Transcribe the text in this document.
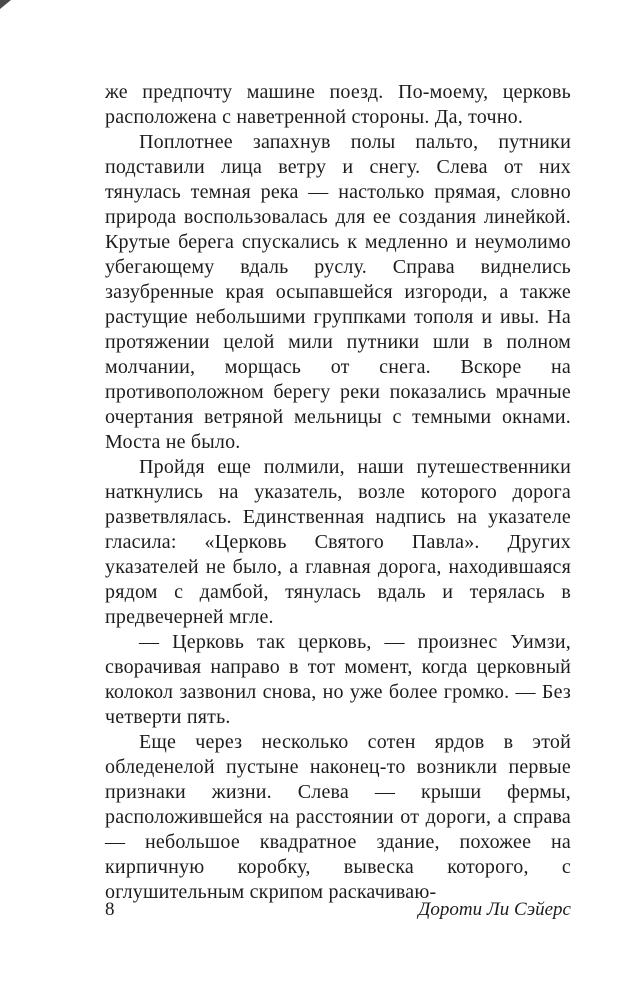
же предпочту машине поезд. По-моему, церковь расположена с наветренной стороны. Да, точно.

Поплотнее запахнув полы пальто, путники подставили лица ветру и снегу. Слева от них тянулась темная река — настолько прямая, словно природа воспользовалась для ее создания линейкой. Крутые берега спускались к медленно и неумолимо убегающему вдаль руслу. Справа виднелись зазубренные края осыпавшейся изгороди, а также растущие небольшими группками тополя и ивы. На протяжении целой мили путники шли в полном молчании, морщась от снега. Вскоре на противоположном берегу реки показались мрачные очертания ветряной мельницы с темными окнами. Моста не было.

Пройдя еще полмили, наши путешественники наткнулись на указатель, возле которого дорога разветвлялась. Единственная надпись на указателе гласила: «Церковь Святого Павла». Других указателей не было, а главная дорога, находившаяся рядом с дамбой, тянулась вдаль и терялась в предвечерней мгле.

— Церковь так церковь, — произнес Уимзи, сворачивая направо в тот момент, когда церковный колокол зазвонил снова, но уже более громко. — Без четверти пять.

Еще через несколько сотен ярдов в этой обледенелой пустыне наконец-то возникли первые признаки жизни. Слева — крыши фермы, расположившейся на расстоянии от дороги, а справа — небольшое квадратное здание, похожее на кирпичную коробку, вывеска которого, с оглушительным скрипом раскачиваю-

8	Дороти Ли Сэйерс
